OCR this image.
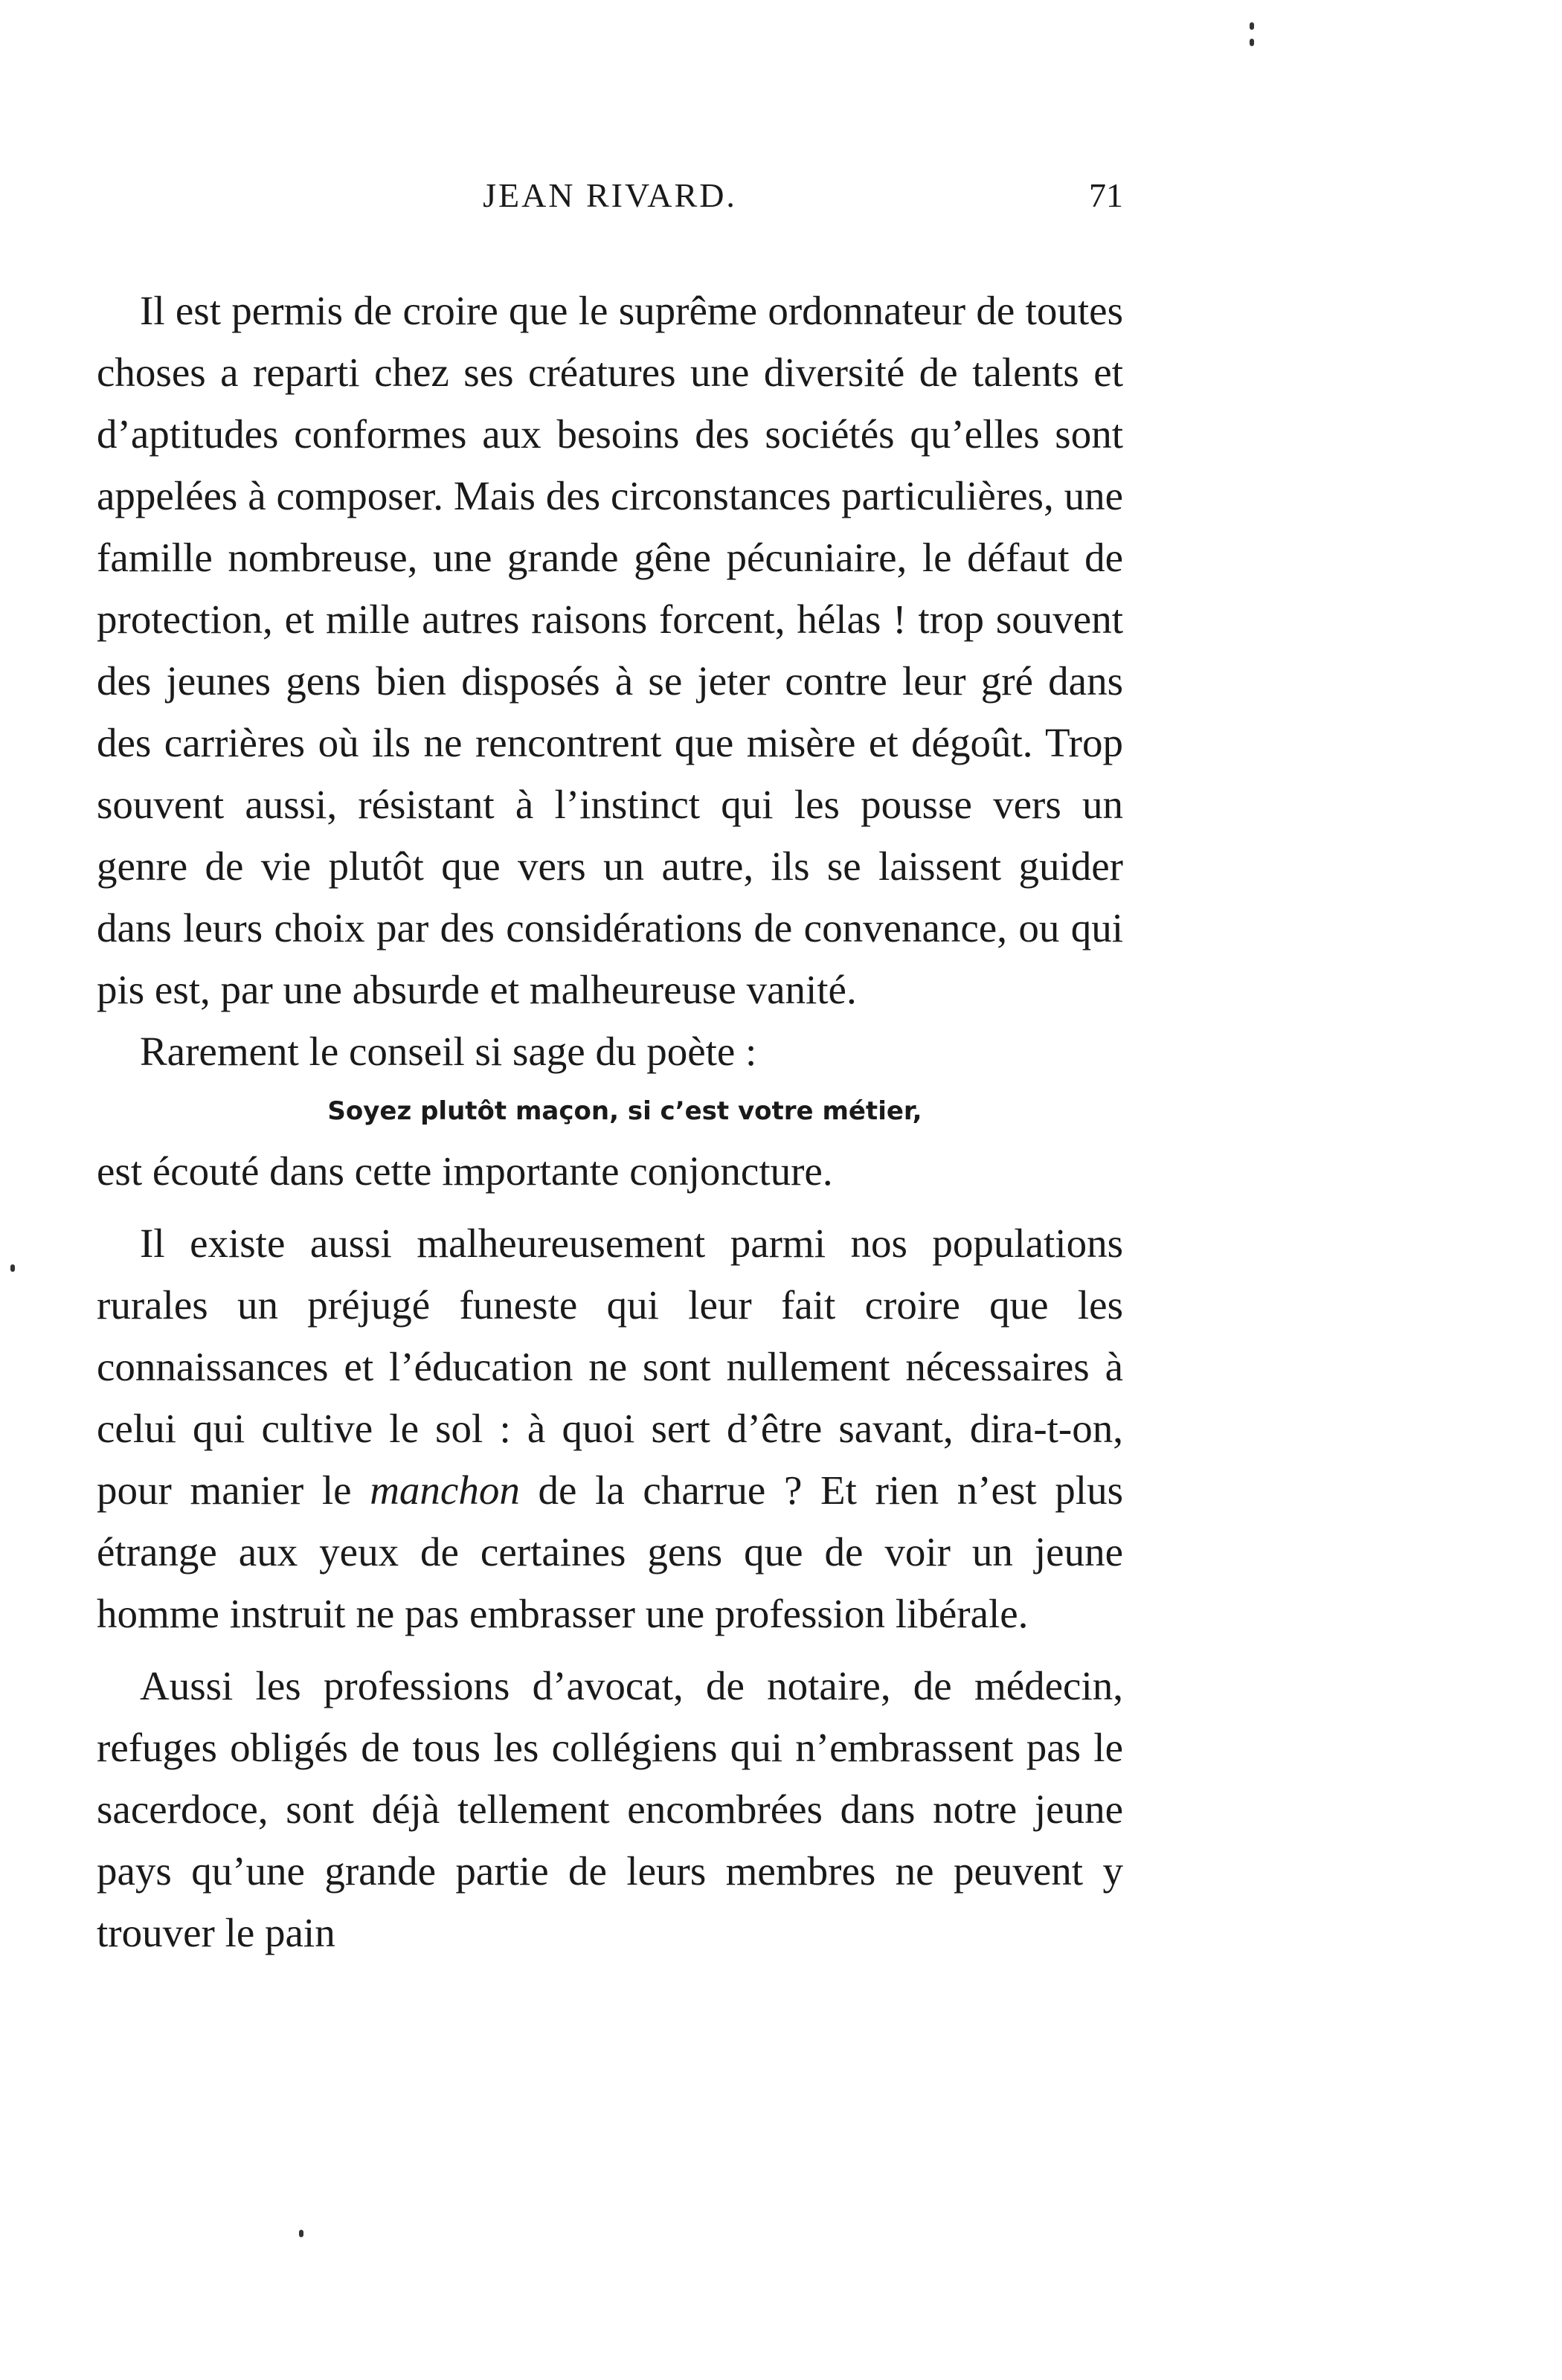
JEAN RIVARD.	71

Il est permis de croire que le suprême ordonnateur de toutes choses a reparti chez ses créatures une diversité de talents et d’aptitudes conformes aux besoins des sociétés qu’elles sont appelées à composer. Mais des circonstances particulières, une famille nombreuse, une grande gêne pécuniaire, le défaut de protection, et mille autres raisons forcent, hélas ! trop souvent des jeunes gens bien disposés à se jeter contre leur gré dans des carrières où ils ne rencontrent que misère et dégoût. Trop souvent aussi, résistant à l’instinct qui les pousse vers un genre de vie plutôt que vers un autre, ils se laissent guider dans leurs choix par des considérations de convenance, ou qui pis est, par une absurde et malheureuse vanité.

Rarement le conseil si sage du poète :

Soyez plutôt maçon, si c’est votre métier,

est écouté dans cette importante conjoncture.

Il existe aussi malheureusement parmi nos populations rurales un préjugé funeste qui leur fait croire que les connaissances et l’éducation ne sont nullement nécessaires à celui qui cultive le sol : à quoi sert d’être savant, dira-t-on, pour manier le manchon de la charrue ? Et rien n’est plus étrange aux yeux de certaines gens que de voir un jeune homme instruit ne pas embrasser une profession libérale.

Aussi les professions d’avocat, de notaire, de médecin, refuges obligés de tous les collégiens qui n’embrassent pas le sacerdoce, sont déjà tellement encombrées dans notre jeune pays qu’une grande partie de leurs membres ne peuvent y trouver le pain
